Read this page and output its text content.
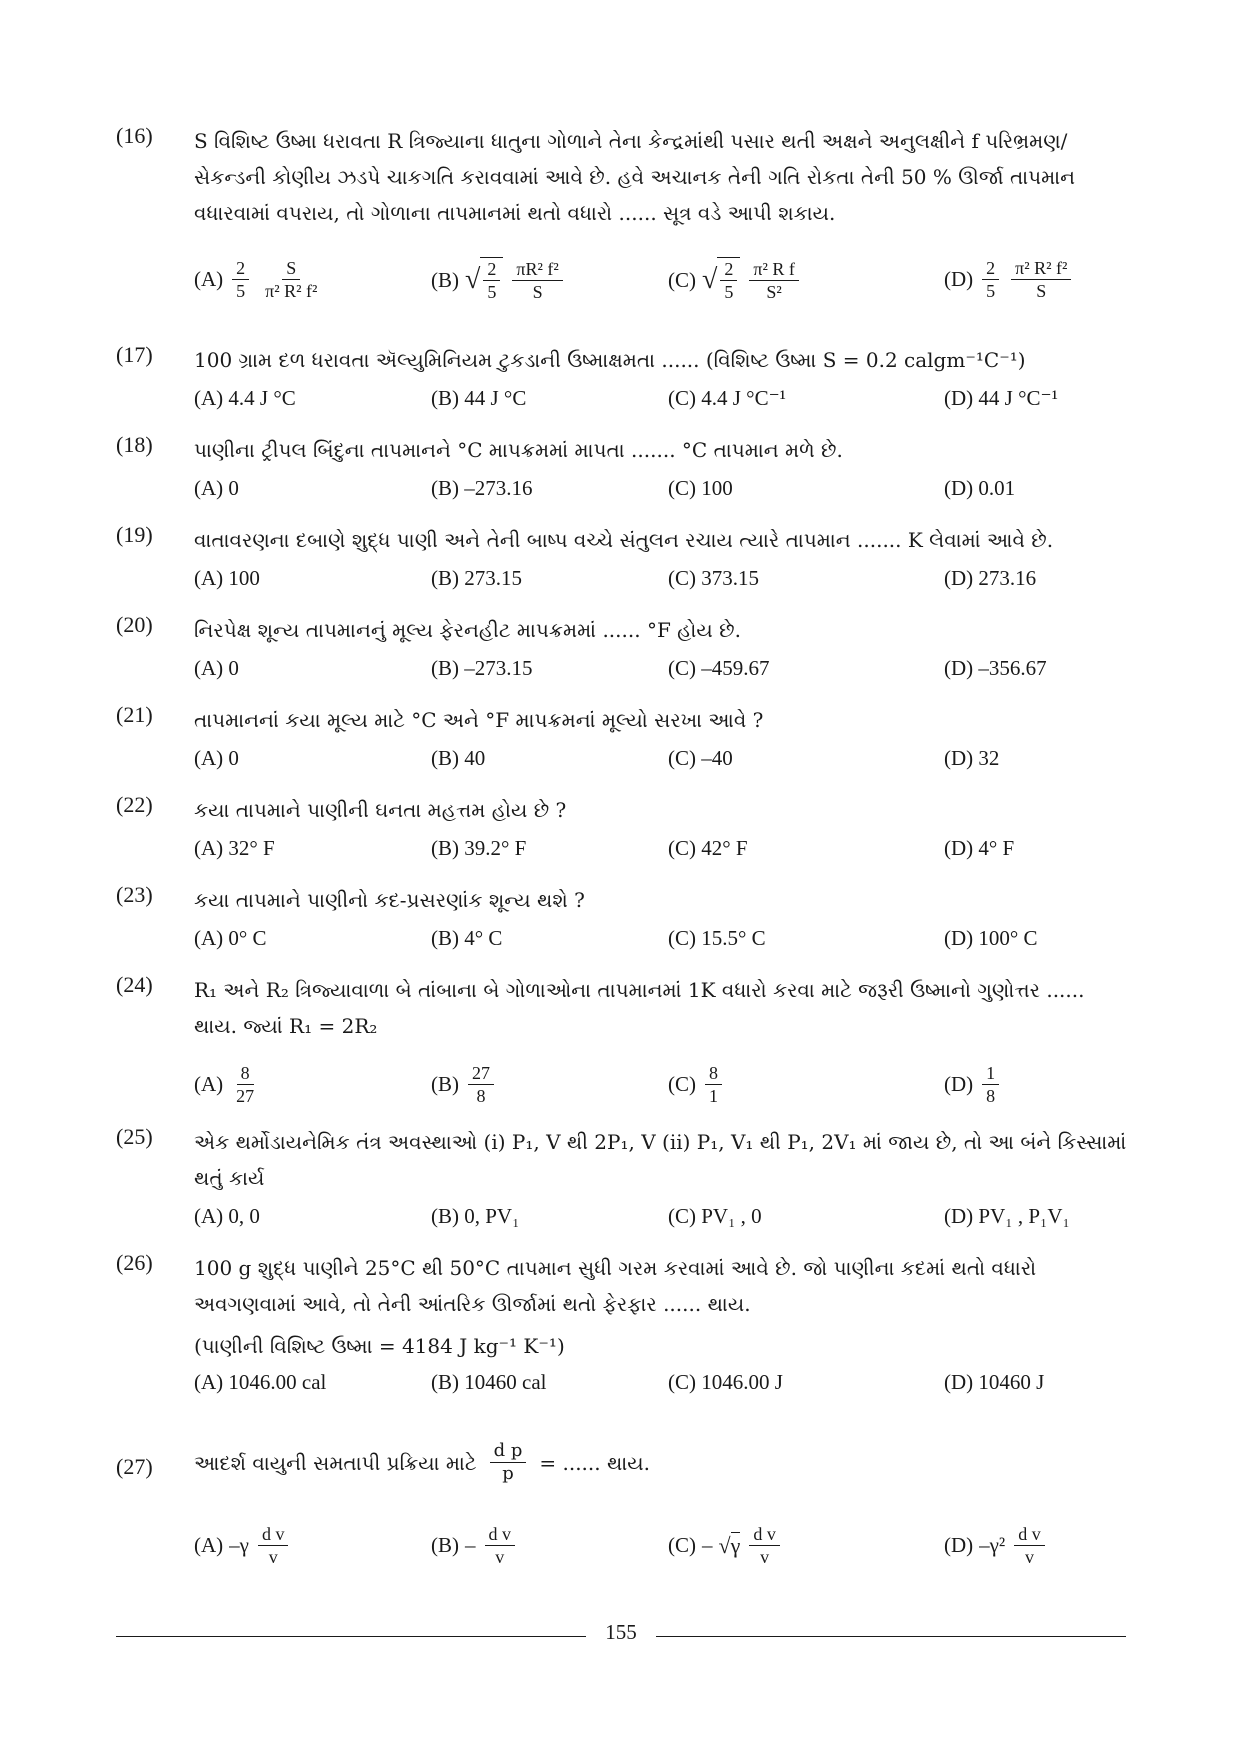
(16) S વિશિષ્ટ ઉષ્મા ધરાવતા R ત્રિજ્યાના ધાતુના ગોળાને તેના કેન્દ્રમાંથી પસાર થતી અક્ષને અનુલક્ષીને f પરિભ્રમણ/સેકન્ડની કોણીય ઝડપે ચાકગતિ કરાવવામાં આવે છે. હવે અચાનક તેની ગતિ રોકતા તેની 50 % ઊર્જા તાપમાન વધારવામાં વપરાય, તો ગોળાના તાપમાનમાં થતો વધારો ...... સૂત્ર વડે આપી શકાય.
$(A) \frac{2}{5} \frac{S}{\text{π² R² f²}}$	(B) √ $\frac{2}{5} \frac{\text{πR² f²}}{S}$	(C) √ $\frac{2}{5} \frac{\text{π² R f}}{\text{S²}}$	$(D) \frac{2}{5} \frac{\text{π² R² f²}}{S}$
(17) 100 ગ્રામ દળ ધરાવતા ઍલ્યુમિનિયમ ટુકડાની ઉષ્માક્ષમતા ...... (વિશિષ્ટ ઉષ્મા S = 0.2 calgm⁻¹C⁻¹)
(A) 4.4 J °C	(B) 44 J °C	(C) 4.4 J °C⁻¹	(D) 44 J °C⁻¹
(18) પાણીના ટ્રીપલ બિંદુના તાપમાનને °C માપક્રમમાં માપતા ....... °C તાપમાન મળે છે.
(A) 0	(B) –273.16	(C) 100	(D) 0.01
(19) વાતાવરણના દબાણે શુદ્ધ પાણી અને તેની બાષ્પ વચ્ચે સંતુલન રચાય ત્યારે તાપમાન ....... K લેવામાં આવે છે.
(A) 100	(B) 273.15	(C) 373.15	(D) 273.16
(20) નિરપેક્ષ શૂન્ય તાપમાનનું મૂલ્ય ફેરનહીટ માપક્રમમાં ...... °F હોય છે.
(A) 0	(B) –273.15	(C) –459.67	(D) –356.67
(21) તાપમાનનાં કયા મૂલ્ય માટે °C અને °F માપક્રમનાં મૂલ્યો સરખા આવે ?
(A) 0	(B) 40	(C) –40	(D) 32
(22) કયા તાપમાને પાણીની ઘનતા મહત્તમ હોય છે ?
(A) 32° F	(B) 39.2° F	(C) 42° F	(D) 4° F
(23) કયા તાપમાને પાણીનો કદ-પ્રસરણાંક શૂન્ય થશે ?
(A) 0° C	(B) 4° C	(C) 15.5° C	(D) 100° C
(24) R₁ અને R₂ ત્રિજ્યાવાળા બે તાંબાના બે ગોળાઓના તાપમાનમાં 1K વધારો કરવા માટે જરૂરી ઉષ્માનો ગુણોત્તર ...... થાય. જ્યાં R₁ = 2R₂
$(A) \frac{8}{27}$	$(B) \frac{27}{8}$	$(C) \frac{8}{1}$	$(D) \frac{1}{8}$
(25) એક થર્મોડાયનેમિક તંત્ર અવસ્થાઓ (i) P₁, V થી 2P₁, V (ii) P₁, V₁ થી P₁, 2V₁ માં જાય છે, તો આ બંને કિસ્સામાં થતું કાર્ય
(A) 0, 0	(B) 0, PV₁	(C) PV₁ , 0	(D) PV₁ , P₁V₁
(26) 100 g શુદ્ધ પાણીને 25°C થી 50°C તાપમાન સુધી ગરમ કરવામાં આવે છે. જો પાણીના કદમાં થતો વધારો અવગણવામાં આવે, તો તેની આંતરિક ઊર્જામાં થતો ફેરફાર ...... થાય.
(પાણીની વિશિષ્ટ ઉષ્મા = 4184 J kg⁻¹ K⁻¹)
(A) 1046.00 cal	(B) 10460 cal	(C) 1046.00 J	(D) 10460 J
(27) આદર્શ વાયુની સમતાપી પ્રક્રિયા માટે $\frac{\text{d p}}{p}$ = ...... થાય.
(A) $-\gamma \frac{\text{d v}}{v}$	$(B) - \frac{\text{d v}}{v}$	(C) – √ γ $\frac{\text{d v}}{v}$	(D) $-\gamma^2 \frac{\text{d v}}{v}$
155
